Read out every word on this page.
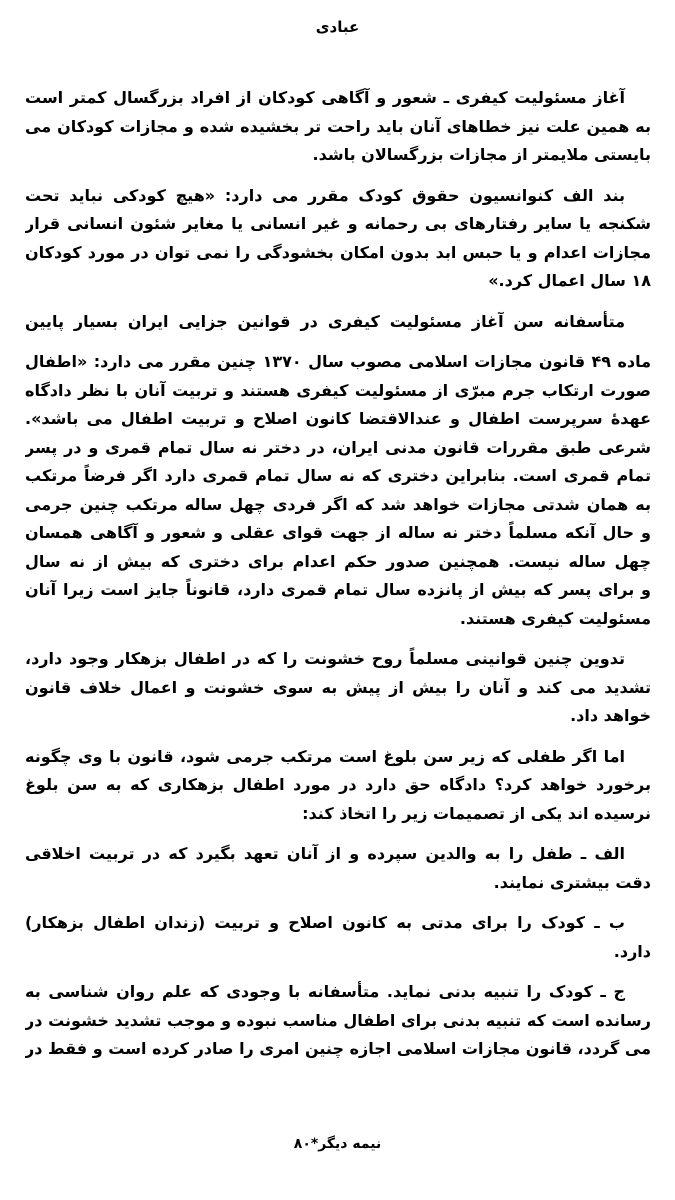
عبادی
آغاز مسئولیت کیفری ـ شعور و آگاهی کودکان از افراد بزرگسال کمتر است
به همین علت نیز خطاهای آنان باید راحت تر بخشیده شده و مجازات کودکان می
بایستی ملایمتر از مجازات بزرگسالان باشد.
بند الف کنوانسیون حقوق کودک مقرر می دارد: «هیچ کودکی نباید تحت
شکنجه یا سایر رفتارهای بی رحمانه و غیر انسانی یا مغایر شئون انسانی قرار
مجازات اعدام و یا حبس ابد بدون امکان بخشودگی را نمی توان در مورد کودکان
۱۸ سال اعمال کرد.»
متأسفانه سن آغاز مسئولیت کیفری در قوانین جزایی ایران بسیار پایین
ماده ۴۹ قانون مجازات اسلامی مصوب سال ۱۳۷۰ چنین مقرر می دارد: «اطفال
صورت ارتکاب جرم مبرّی از مسئولیت کیفری هستند و تربیت آنان با نظر دادگاه
عهدهٔ سرپرست اطفال و عندالاقتضا کانون اصلاح و تربیت اطفال می باشد».
شرعی طبق مقررات قانون مدنی ایران، در دختر نه سال تمام قمری و در پسر
تمام قمری است. بنابراین دختری که نه سال تمام قمری دارد اگر فرضاً مرتکب
به همان شدتی مجازات خواهد شد که اگر فردی چهل ساله مرتکب چنین جرمی
و حال آنکه مسلماً دختر نه ساله از جهت قوای عقلی و شعور و آگاهی همسان
چهل ساله نیست. همچنین صدور حکم اعدام برای دختری که بیش از نه سال
و برای پسر که بیش از پانزده سال تمام قمری دارد، قانوناً جایز است زیرا آنان
مسئولیت کیفری هستند.
تدوین چنین قوانینی مسلماً روح خشونت را که در اطفال بزهکار وجود دارد،
تشدید می کند و آنان را بیش از پیش به سوی خشونت و اعمال خلاف قانون
خواهد داد.
اما اگر طفلی که زیر سن بلوغ است مرتکب جرمی شود، قانون با وی چگونه
برخورد خواهد کرد؟ دادگاه حق دارد در مورد اطفال بزهکاری که به سن بلوغ
نرسیده اند یکی از تصمیمات زیر را اتخاذ کند:
الف ـ طفل را به والدین سپرده و از آنان تعهد بگیرد که در تربیت اخلاقی
دقت بیشتری نمایند.
ب ـ کودک را برای مدتی به کانون اصلاح و تربیت (زندان اطفال بزهکار)
دارد.
ج ـ کودک را تنبیه بدنی نماید. متأسفانه با وجودی که علم روان شناسی به
رسانده است که تنبیه بدنی برای اطفال مناسب نبوده و موجب تشدید خشونت در
می گردد، قانون مجازات اسلامی اجازه چنین امری را صادر کرده است و فقط در
نیمه دیگر*۸۰
